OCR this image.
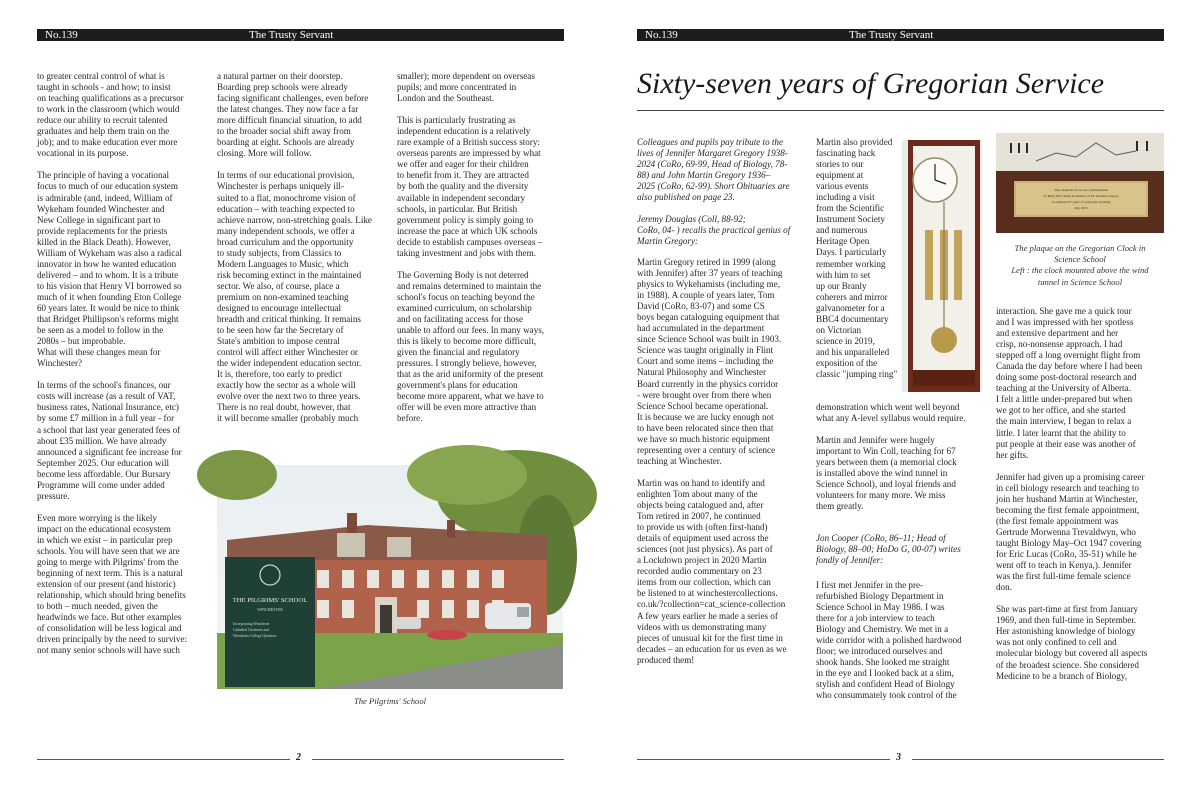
No.139	The Trusty Servant
to greater central control of what is
taught in schools - and how; to insist
on teaching qualifications as a precursor
to work in the classroom (which would
reduce our ability to recruit talented
graduates and help them train on the
job); and to make education ever more
vocational in its purpose.

The principle of having a vocational
focus to much of our education system
is admirable (and, indeed, William of
Wykeham founded Winchester and
New College in significant part to
provide replacements for the priests
killed in the Black Death). However,
William of Wykeham was also a radical
innovator in how he wanted education
delivered – and to whom. It is a tribute
to his vision that Henry VI borrowed so
much of it when founding Eton College
60 years later. It would be nice to think
that Bridget Phillipson's reforms might
be seen as a model to follow in the
2080s – but improbable.
What will these changes mean for
Winchester?

In terms of the school's finances, our
costs will increase (as a result of VAT,
business rates, National Insurance, etc)
by some £7 million in a full year - for
a school that last year generated fees of
about £35 million. We have already
announced a significant fee increase for
September 2025. Our education will
become less affordable. Our Bursary
Programme will come under added
pressure.

Even more worrying is the likely
impact on the educational ecosystem
in which we exist – in particular prep
schools. You will have seen that we are
going to merge with Pilgrims' from the
beginning of next term. This is a natural
extension of our present (and historic)
relationship, which should bring benefits
to both – much needed, given the
headwinds we face. But other examples
of consolidation will be less logical and
driven principally by the need to survive:
not many senior schools will have such
a natural partner on their doorstep.
Boarding prep schools were already
facing significant challenges, even before
the latest changes. They now face a far
more difficult financial situation, to add
to the broader social shift away from
boarding at eight. Schools are already
closing. More will follow.

In terms of our educational provision,
Winchester is perhaps uniquely ill-
suited to a flat, monochrome vision of
education – with teaching expected to
achieve narrow, non-stretching goals. Like
many independent schools, we offer a
broad curriculum and the opportunity
to study subjects, from Classics to
Modern Languages to Music, which
risk becoming extinct in the maintained
sector. We also, of course, place a
premium on non-examined teaching
designed to encourage intellectual
breadth and critical thinking. It remains
to be seen how far the Secretary of
State's ambition to impose central
control will affect either Winchester or
the wider independent education sector.
It is, therefore, too early to predict
exactly how the sector as a whole will
evolve over the next two to three years.
There is no real doubt, however, that
it will become smaller (probably much
smaller); more dependent on overseas
pupils; and more concentrated in
London and the Southeast.

This is particularly frustrating as
independent education is a relatively
rare example of a British success story:
overseas parents are impressed by what
we offer and eager for their children
to benefit from it. They are attracted
by both the quality and the diversity
available in independent secondary
schools, in particular. But British
government policy is simply going to
increase the pace at which UK schools
decide to establish campuses overseas –
taking investment and jobs with them.

The Governing Body is not deterred
and remains determined to maintain the
school's focus on teaching beyond the
examined curriculum, on scholarship
and on facilitating access for those
unable to afford our fees. In many ways,
this is likely to become more difficult,
given the financial and regulatory
pressures. I strongly believe, however,
that as the arid uniformity of the present
government's plans for education
become more apparent, what we have to
offer will be even more attractive than
before.
THE PILGRIMS' SCHOOL
WINCHESTER
Incorporating Winchester
Cathedral Choristers and
Winchester College Quiristers
The Pilgrims' School
2
No.139	The Trusty Servant
Sixty-seven years of Gregorian Service
Colleagues and pupils pay tribute to the
lives of Jennifer Margaret Gregory 1938-
2024 (CoRo, 69-99, Head of Biology, 78-
88) and John Martin Gregory 1936–
2025 (CoRo, 62-99). Short Obituaries are
also published on page 23.

Jeremy Douglas (Coll, 88-92;
CoRo, 04- ) recalls the practical genius of
Martin Gregory:
Martin Gregory retired in 1999 (along
with Jennifer) after 37 years of teaching
physics to Wykehamists (including me,
in 1988). A couple of years later, Tom
David (CoRo, 83-07) and some CS
boys began cataloguing equipment that
had accumulated in the department
since Science School was built in 1903.
Science was taught originally in Flint
Court and some items – including the
Natural Philosophy and Winchester
Board currently in the physics corridor
- were brought over from there when
Science School became operational.
It is because we are lucky enough not
to have been relocated since then that
we have so much historic equipment
representing over a century of science
teaching at Winchester.

Martin was on hand to identify and
enlighten Tom about many of the
objects being catalogued and, after
Tom retired in 2007, he continued
to provide us with (often first-hand)
details of equipment used across the
sciences (not just physics). As part of
a Lockdown project in 2020 Martin
recorded audio commentary on 23
items from our collection, which can
be listened to at winchestercollections.
co.uk/?collection=cat_science-collection
A few years earlier he made a series of
videos with us demonstrating many
pieces of unusual kit for the first time in
decades – an education for us even as we
produced them!
Martin also provided
fascinating back
stories to our
equipment at
various events
including a visit
from the Scientific
Instrument Society
and numerous
Heritage Open
Days. I particularly
remember working
with him to set
up our Branly
coherers and mirror
galvanometer for a
BBC4 documentary
on Victorian
science in 2019,
and his unparalleled
exposition of the
classic "jumping ring"
demonstration which went well beyond
what any A-level syllabus would require.

Martin and Jennifer were hugely
important to Win Coll, teaching for 67
years between them (a memorial clock
is installed above the wind tunnel in
Science School), and loyal friends and
volunteers for many more. We miss
them greatly.
Jon Cooper (CoRo, 86–11; Head of
Biology, 88–00; HoDo G, 00-07) writes
fondly of Jennifer:
I first met Jennifer in the pre-
refurbished Biology Department in
Science School in May 1986. I was
there for a job interview to teach
Biology and Chemistry. We met in a
wide corridor with a polished hardwood
floor; we introduced ourselves and
shook hands. She looked me straight
in the eye and I looked back at a slim,
stylish and confident Head of Biology
who consummately took control of the
This exquisite clock was commissioned
by Beng Wei Chuan in memory of Dr Jennifer Gregory
to celebrate 67 years of Gregorian teaching
July 2025
The plaque on the Gregorian Clock in
Science School
Left : the clock mounted above the wind
tunnel in Science School
interaction. She gave me a quick tour
and I was impressed with her spotless
and extensive department and her
crisp, no-nonsense approach. I had
stepped off a long overnight flight from
Canada the day before where I had been
doing some post-doctoral research and
teaching at the University of Alberta.
I felt a little under-prepared but when
we got to her office, and she started
the main interview, I began to relax a
little. I later learnt that the ability to
put people at their ease was another of
her gifts.

Jennifer had given up a promising career
in cell biology research and teaching to
join her husband Martin at Winchester,
becoming the first female appointment,
(the first female appointment was
Gertrude Morwenna Trevaldwyn, who
taught Biology May–Oct 1947 covering
for Eric Lucas (CoRo, 35-51) while he
went off to teach in Kenya,). Jennifer
was the first full-time female science
don.

She was part-time at first from January
1969, and then full-time in September.
Her astonishing knowledge of biology
was not only confined to cell and
molecular biology but covered all aspects
of the broadest science. She considered
Medicine to be a branch of Biology,
3
